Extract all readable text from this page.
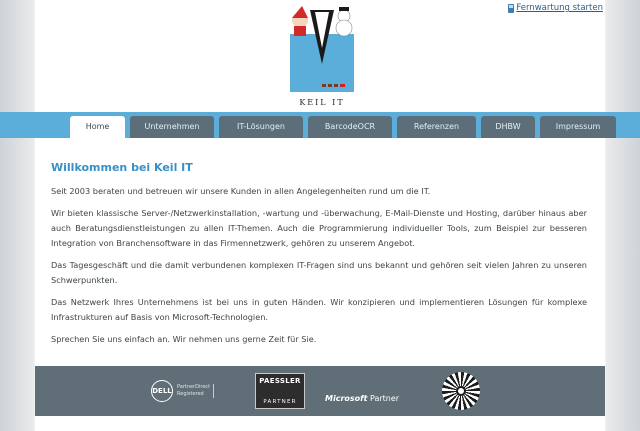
KEIL IT
Fernwartung starten
Home	Unternehmen	IT-Lösungen	BarcodeOCR	Referenzen	DHBW	Impressum
Willkommen bei Keil IT

Seit 2003 beraten und betreuen wir unsere Kunden in allen Angelegenheiten rund um die IT.

Wir bieten klassische Server-/Netzwerkinstallation, -wartung und -überwachung, E-Mail-Dienste und Hosting, darüber hinaus aber auch Beratungsdienstleistungen zu allen IT-Themen. Auch die Programmierung individueller Tools, zum Beispiel zur besseren Integration von Branchensoftware in das Firmennetzwerk, gehören zu unserem Angebot.

Das Tagesgeschäft und die damit verbundenen komplexen IT-Fragen sind uns bekannt und gehören seit vielen Jahren zu unseren Schwerpunkten.

Das Netzwerk Ihres Unternehmens ist bei uns in guten Händen. Wir konzipieren und implementieren Lösungen für komplexe Infrastrukturen auf Basis von Microsoft-Technologien.

Sprechen Sie uns einfach an. Wir nehmen uns gerne Zeit für Sie.

DELL PartnerDirect
Registered
PAESSLER
PARTNER	Microsoft Partner
